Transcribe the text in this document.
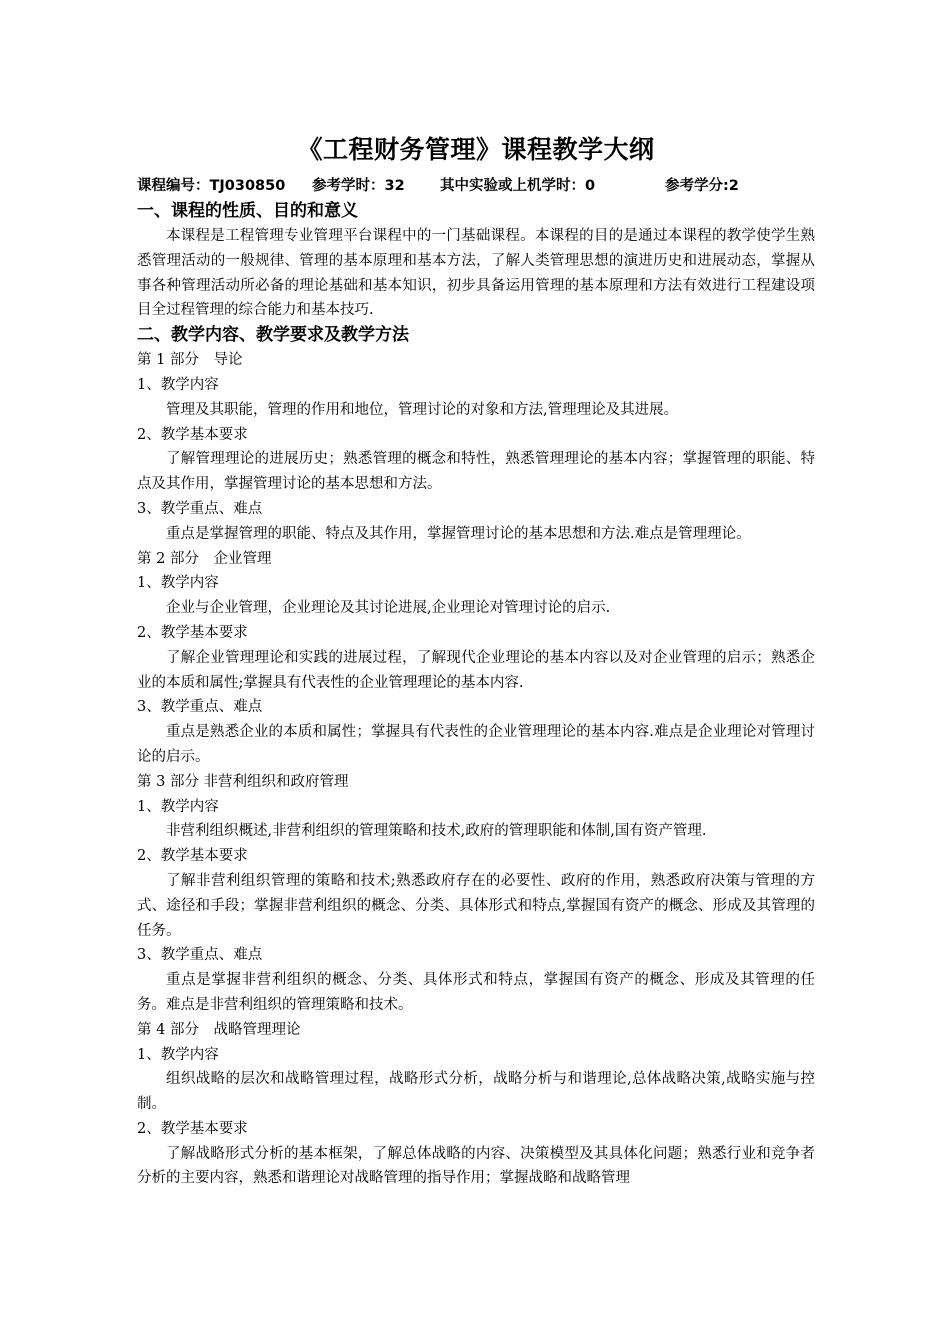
《工程财务管理》课程教学大纲
课程编号：TJ030850 参考学时：32 其中实验或上机学时：0	参考学分:2
一、课程的性质、目的和意义

本课程是工程管理专业管理平台课程中的一门基础课程。本课程的目的是通过本课程的教学使学生熟悉管理活动的一般规律、管理的基本原理和基本方法，了解人类管理思想的演进历史和进展动态，掌握从事各种管理活动所必备的理论基础和基本知识，初步具备运用管理的基本原理和方法有效进行工程建设项目全过程管理的综合能力和基本技巧.

二、教学内容、教学要求及教学方法
第 1 部分　导论
1、教学内容

管理及其职能，管理的作用和地位，管理讨论的对象和方法,管理理论及其进展。

2、教学基本要求

了解管理理论的进展历史；熟悉管理的概念和特性，熟悉管理理论的基本内容；掌握管理的职能、特点及其作用，掌握管理讨论的基本思想和方法。

3、教学重点、难点

重点是掌握管理的职能、特点及其作用，掌握管理讨论的基本思想和方法.难点是管理理论。

第 2 部分　企业管理
1、教学内容

企业与企业管理，企业理论及其讨论进展,企业理论对管理讨论的启示.

2、教学基本要求

了解企业管理理论和实践的进展过程，了解现代企业理论的基本内容以及对企业管理的启示；熟悉企业的本质和属性;掌握具有代表性的企业管理理论的基本内容.

3、教学重点、难点

重点是熟悉企业的本质和属性；掌握具有代表性的企业管理理论的基本内容.难点是企业理论对管理讨论的启示。

第 3 部分 非营利组织和政府管理
1、教学内容

非营利组织概述,非营利组织的管理策略和技术,政府的管理职能和体制,国有资产管理.

2、教学基本要求

了解非营利组织管理的策略和技术;熟悉政府存在的必要性、政府的作用，熟悉政府决策与管理的方式、途径和手段；掌握非营利组织的概念、分类、具体形式和特点,掌握国有资产的概念、形成及其管理的任务。

3、教学重点、难点

重点是掌握非营利组织的概念、分类、具体形式和特点，掌握国有资产的概念、形成及其管理的任务。难点是非营利组织的管理策略和技术。

第 4 部分　战略管理理论
1、教学内容

组织战略的层次和战略管理过程，战略形式分析，战略分析与和谐理论,总体战略决策,战略实施与控制。

2、教学基本要求

了解战略形式分析的基本框架，了解总体战略的内容、决策模型及其具体化问题；熟悉行业和竞争者分析的主要内容，熟悉和谐理论对战略管理的指导作用；掌握战略和战略管理
